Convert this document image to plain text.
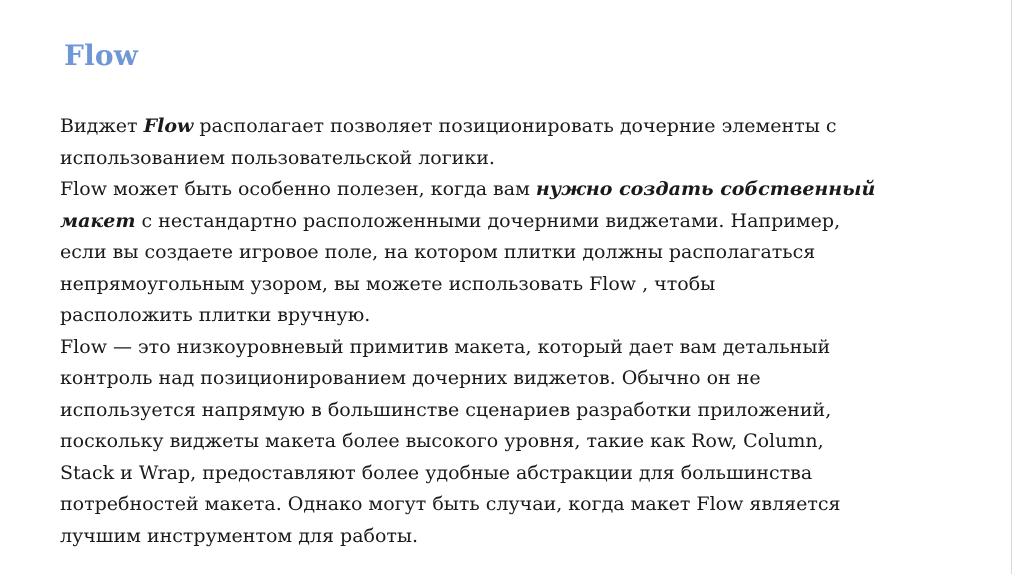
Flow
Виджет Flow располагает позволяет позиционировать дочерние элементы с
использованием пользовательской логики.
Flow может быть особенно полезен, когда вам нужно создать собственный
макет с нестандартно расположенными дочерними виджетами. Например,
если вы создаете игровое поле, на котором плитки должны располагаться
непрямоугольным узором, вы можете использовать Flow , чтобы
расположить плитки вручную.
Flow — это низкоуровневый примитив макета, который дает вам детальный
контроль над позиционированием дочерних виджетов. Обычно он не
используется напрямую в большинстве сценариев разработки приложений,
поскольку виджеты макета более высокого уровня, такие как Row, Column,
Stack и Wrap, предоставляют более удобные абстракции для большинства
потребностей макета. Однако могут быть случаи, когда макет Flow является
лучшим инструментом для работы.
